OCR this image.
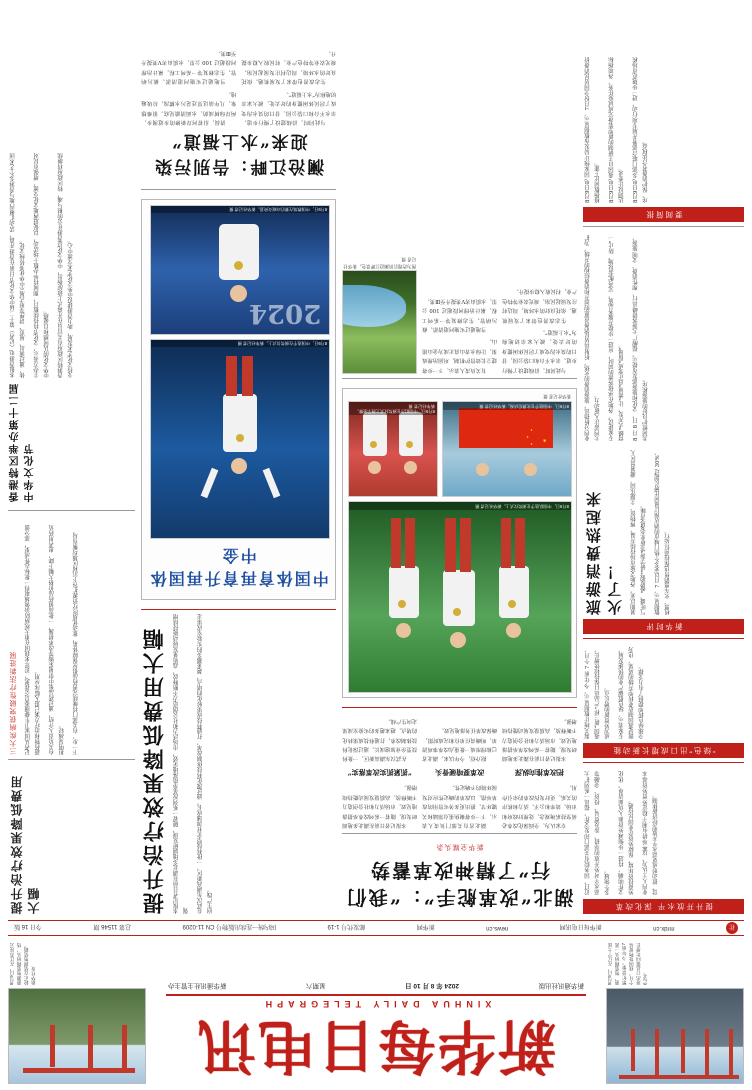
8月9日，在辽宁大连港，集装箱码头一派繁忙景象。今年前7个月，我国货物贸易进出口总值同比增长6.2%。
新华每日电讯
XINHUA DAILY TELEGRAPH
新华通讯社出版
2024 年 8 月 10 日
星期六
新华通讯社主管主办
8月9日，在江苏连云港港集装箱码头，货轮正在装卸集装箱。新华社发
社
mrdx.cn
新华每日电讯网
news.cn
新华网
邮发代号 1-19
国内统一连续出版物号 CN 11-0209
总第 11546 期
今日 16 版
提升治疗效果降低费用大幅
三大疾病获突破性疗法新进展	记者从国家卫生健康委员会获悉，近年来我国在重大疾病防治领域取得一批标志性成果，部分创新药物和治疗方案已进入临床应用。	有关负责人介绍，通过药品集中带量采购等改革措施，一批高值药品价格大幅下降，患者用药负担明显减轻。	下一步，有关部门将继续完善药品供应保障体系，推动优质医疗资源扩容下沉和区域均衡布局。
香港特区举办第十二届中华文化节
本报香港电（记者）第十二届中华文化节日前在香港开幕，活动汇聚内地与香港多个艺术团体，通过演出、展览、讲座等形式展示中华优秀传统文化。	主办方表示，文化节将持续数月，期间将举办数十场活动，以促进两地文化交流，增强市民对中华文化的认同感和自豪感。	香港特区政府有关官员在开幕式上致辞指出，中华文化是香港社会的根与魂，特区政府将继续支持文化艺术发展，助力香港建设中外文化艺术交流中心。
提升治疗效果降低费用大幅	本报记者日前在湖北多地调研发现，随着一系列改革举措落地见效，市场活力和社会创造力不断释放，高质量发展动能持续增强。	在武汉东湖高新区，一批科技型企业加速成长。通过深化科技体制改革，打通科技成果转化的堵点，越来越多的实验室成果走向生产线。
中国体育再育升再国体中金
8月9日，中国选手在颁奖仪式上。新华社记者 摄
2024
8月9日，中国教练在赛后向观众致意。新华社记者 摄
澜沧江畔：告别污染 迎来“水上福道”

清晨，沿着河岸新修的步道漫步，两岸绿树成荫，水面清澈见底。很难想象，几年前这里还是污水横流、垃圾遍地。

当地通过实施河道清淤、截污纳管、生态修复等一系列工程，累计治理河段超过 100 公里，水质由劣Ⅴ类提升至Ⅲ类。

与此同时，沿线建设了慢行步道、亲水平台和口袋公园，昔日的臭水沟变成了居民休闲健身的好去处，被大家亲切地称为“水上福道”。

生态改善也带来了发展机遇。依托良好的水环境，周边村庄发展起民宿、观光农业等特色产业，村民收入稳步提升。

湖北“改革舵手”：“我们行”了精神改革蓄势
新华全媒头条

本报记者日前在湖北多地调研发现，随着一系列改革举措落地见效，市场活力和社会创造力不断释放，高质量发展动能持续增强。

“抓紧抓实改革落实”

在武汉东湖高新区，一批科技型企业加速成长。通过深化科技体制改革，打通科技成果转化的堵点，越来越多的实验室成果走向生产线。

湖北省有关部门负责人表示，下一步将聚焦重点领域和关键环节，推出更多务实管用的改革举措，以改革的确定性应对发展环境的不确定性。

改革要啃硬骨头

据介绍，今年以来，湖北省已梳理形成一批重点改革事项清单，明确责任单位和完成时限，确保改革任务落地见效。

专家认为，全面深化改革必须坚持系统观念，处理好政府和市场、效率和公平、活力和秩序的关系，更好发挥改革的牵引作用。

把改革推向纵深

本报记者日前在湖北多地调研发现，随着一系列改革举措落地见效，市场活力和社会创造力不断释放，高质量发展动能持续增强。

8月9日，中国队选手在颁奖仪式上。新华社记者 摄
★
★
★
★
8月9日，中国选手在比赛后庆祝。新华社记者 摄
8月9日，中国组合在颁奖仪式上展示金牌。新华社记者 摄
新华社记者 摄
图为治理后的澜沧江畔景色。新华社记者 摄

有关负责人表示，下一步将建立长效管护机制，巩固治理成果，让绿水青山真正成为金山银山。

当地通过实施河道清淤、截污纳管、生态修复等一系列工程，累计治理河段超过 100 公里，水质由劣Ⅴ类提升至Ⅲ类。

与此同时，沿线建设了慢行步道、亲水平台和口袋公园，昔日的臭水沟变成了居民休闲健身的好去处，被大家亲切地称为“水上福道”。

生态改善也带来了发展机遇。依托良好的水环境，周边村庄发展起民宿、观光农业等特色产业，村民收入稳步提升。

提升开放水平 深化改革
近日，国务院有关部门印发文件，提出一系列扩大高水平对外开放的举措，涉及贸易、投资、金融等多个领域。	文件明确，将进一步缩减外资准入负面清单，优化外商投资环境，保障外资企业国民待遇。	业内人士认为，这些举措有利于稳定外贸外资基本盘，推动形成更高水平开放型经济新体制。
“绿色”出口成增长新动能
海关统计数据显示，今年前 7 个月，我国“新三样”产品出口保持较快增长，成为外贸新的增长点。	专家表示，绿色低碳产业的快速发展，既是我国制造业转型升级的成果，也为全球绿色转型提供了有力支撑。
新华时评
旅游消费热起来 火了！	暑期以来，各地文旅市场持续升温，博物馆、主题乐园、避暑景区人气旺盛，"微度假""研学游"等新业态备受青睐。	数据显示，7 月以来多个热门城市的酒店预订量同比增长超过 30%，机票、火车票销售也保持高位运行。
业内分析指出，旅游消费的火热，折射出居民消费意愿的回升和消费结构的升级，为扩大内需注入新动力。	专家建议，各地在承接客流的同时，应进一步提升服务品质，完善配套设施，防止"一窝蜂"式开发，让"流量"真正变成"留量"。	8 月 8 日，文化和旅游部发布提示，提醒广大游客错峰出行、理性消费、文明旅游，共同维护良好的旅游秩序。
要闻简报
8月9日电 国家统计局发布数据显示，7月份全国居民消费价格指数同比上涨。	8月9日电 我国自主研制的新型装备完成试验任务，各项指标达到设计要求。	8月9日电 多部门联合部署开展专项行动，进一步规范市场秩序，保护消费者合法权益。
